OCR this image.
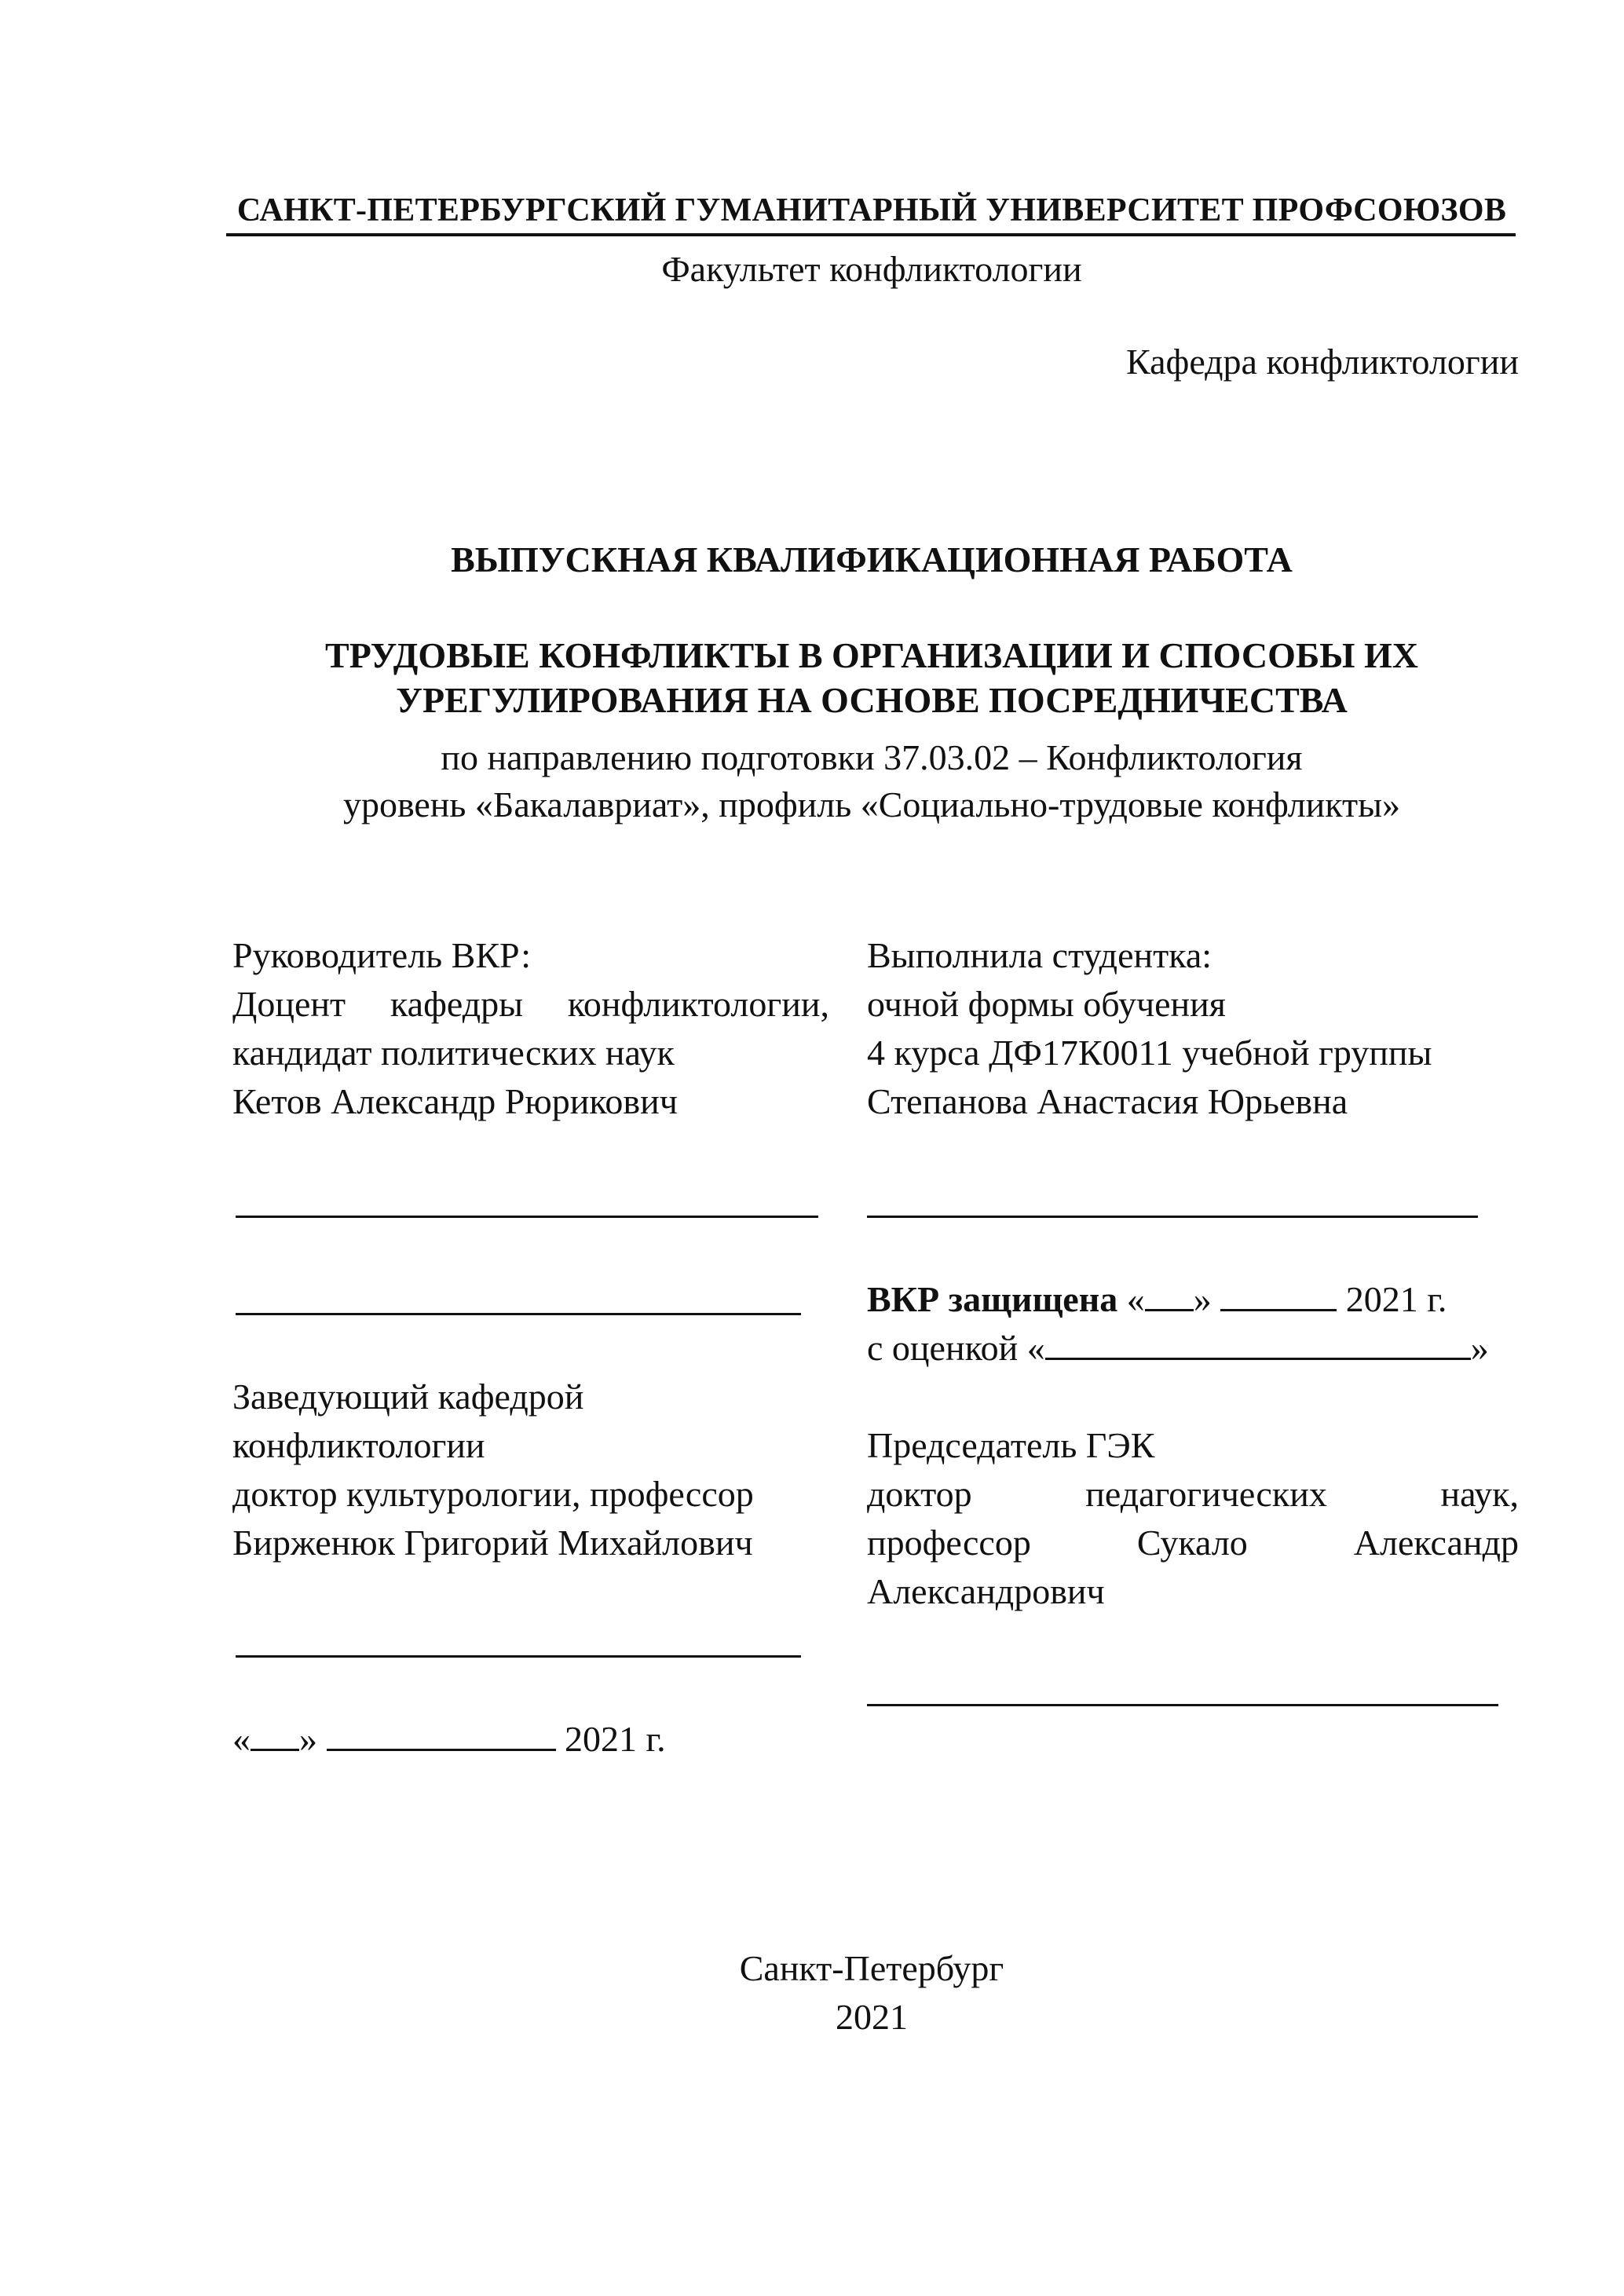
САНКТ-ПЕТЕРБУРГСКИЙ ГУМАНИТАРНЫЙ УНИВЕРСИТЕТ ПРОФСОЮЗОВ
Факультет конфликтологии
Кафедра конфликтологии
ВЫПУСКНАЯ КВАЛИФИКАЦИОННАЯ РАБОТА
ТРУДОВЫЕ КОНФЛИКТЫ В ОРГАНИЗАЦИИ И СПОСОБЫ ИХ
УРЕГУЛИРОВАНИЯ НА ОСНОВЕ ПОСРЕДНИЧЕСТВА
по направлению подготовки 37.03.02 – Конфликтология
уровень «Бакалавриат», профиль «Социально-трудовые конфликты»
Руководитель ВКР:
Доцент кафедры конфликтологии,
кандидат политических наук
Кетов Александр Рюрикович
Выполнила студентка:
очной формы обучения
4 курса ДФ17К0011 учебной группы
Степанова Анастасия Юрьевна
ВКР защищена « »	2021 г.
с оценкой «	»
Заведующий кафедрой
конфликтологии
доктор культурологии, профессор
Бирженюк Григорий Михайлович
Председатель ГЭК
доктор	педагогических	наук,
профессор	Сукало	Александр
Александрович
« »	2021 г.
Санкт-Петербург
2021
